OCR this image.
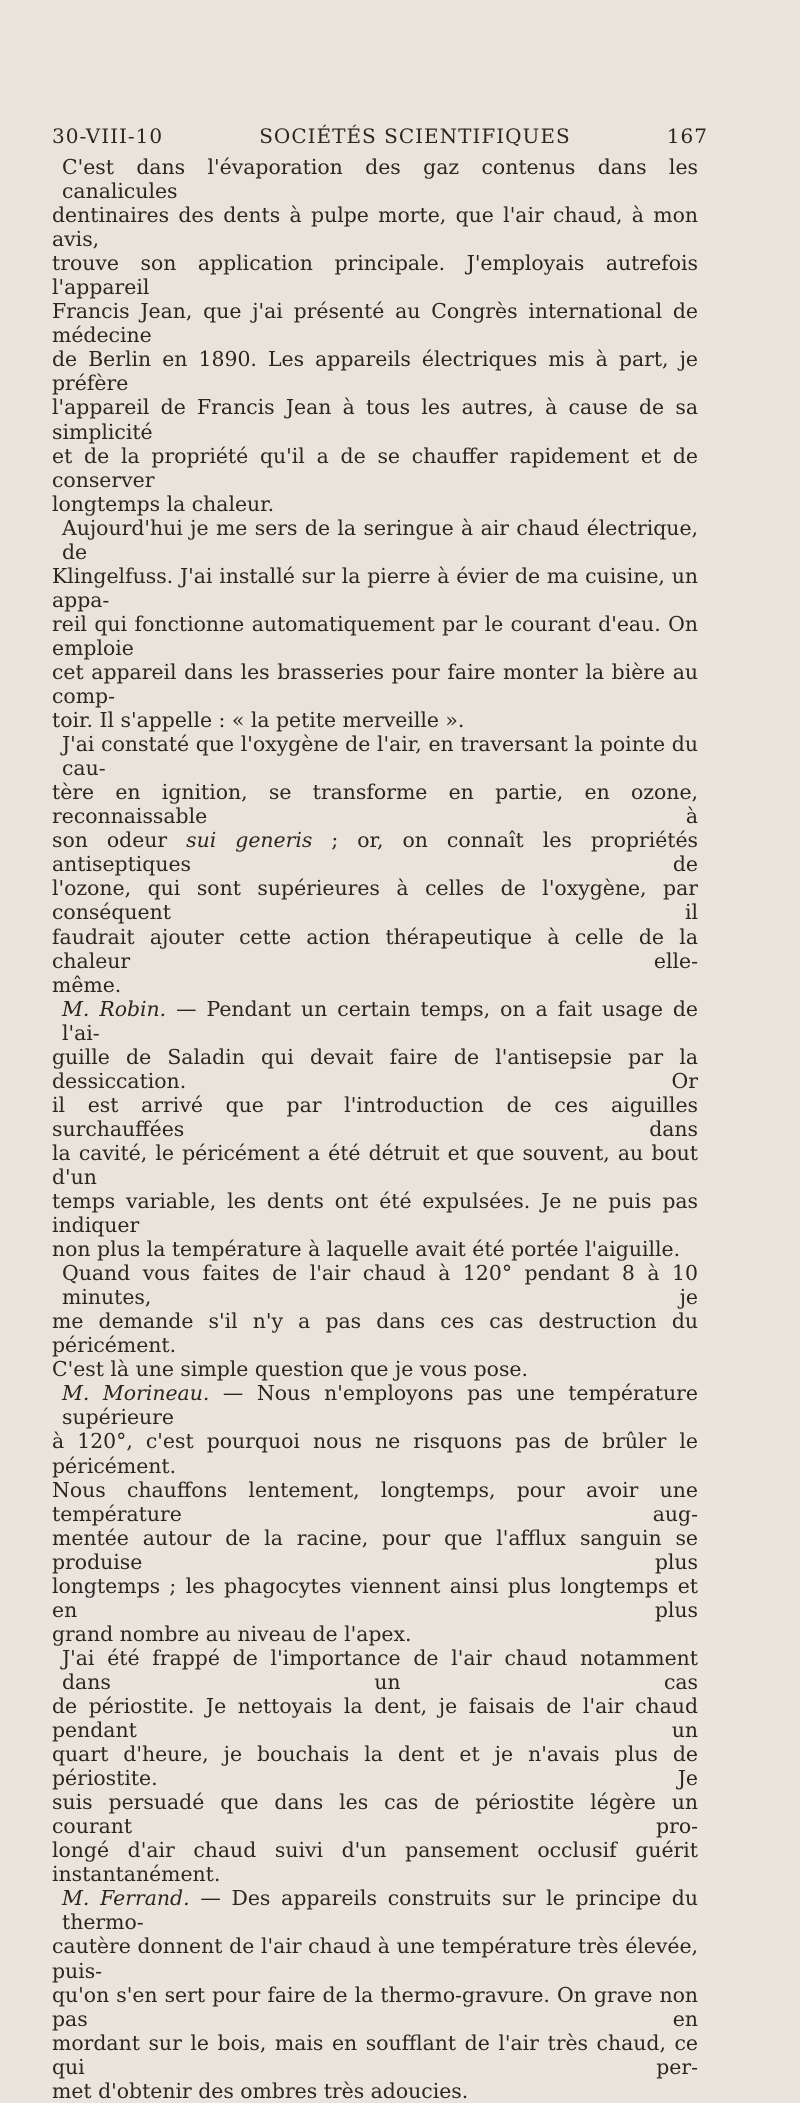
30-VIII-10	SOCIÉTÉS SCIENTIFIQUES	167

C'est dans l'évaporation des gaz contenus dans les canalicules

dentinaires des dents à pulpe morte, que l'air chaud, à mon avis,

trouve son application principale. J'employais autrefois l'appareil

Francis Jean, que j'ai présenté au Congrès international de médecine

de Berlin en 1890. Les appareils électriques mis à part, je préfère

l'appareil de Francis Jean à tous les autres, à cause de sa simplicité

et de la propriété qu'il a de se chauffer rapidement et de conserver

longtemps la chaleur.

Aujourd'hui je me sers de la seringue à air chaud électrique, de

Klingelfuss. J'ai installé sur la pierre à évier de ma cuisine, un appa-

reil qui fonctionne automatiquement par le courant d'eau. On emploie

cet appareil dans les brasseries pour faire monter la bière au comp-

toir. Il s'appelle : « la petite merveille ».

J'ai constaté que l'oxygène de l'air, en traversant la pointe du cau-

tère en ignition, se transforme en partie, en ozone, reconnaissable à

son odeur sui generis ; or, on connaît les propriétés antiseptiques de

l'ozone, qui sont supérieures à celles de l'oxygène, par conséquent il

faudrait ajouter cette action thérapeutique à celle de la chaleur elle-

même.

M. Robin. — Pendant un certain temps, on a fait usage de l'ai-

guille de Saladin qui devait faire de l'antisepsie par la dessiccation. Or

il est arrivé que par l'introduction de ces aiguilles surchauffées dans

la cavité, le péricément a été détruit et que souvent, au bout d'un

temps variable, les dents ont été expulsées. Je ne puis pas indiquer

non plus la température à laquelle avait été portée l'aiguille.

Quand vous faites de l'air chaud à 120° pendant 8 à 10 minutes, je

me demande s'il n'y a pas dans ces cas destruction du péricément.

C'est là une simple question que je vous pose.

M. Morineau. — Nous n'employons pas une température supérieure

à 120°, c'est pourquoi nous ne risquons pas de brûler le péricément.

Nous chauffons lentement, longtemps, pour avoir une température aug-

mentée autour de la racine, pour que l'afflux sanguin se produise plus

longtemps ; les phagocytes viennent ainsi plus longtemps et en plus

grand nombre au niveau de l'apex.

J'ai été frappé de l'importance de l'air chaud notamment dans un cas

de périostite. Je nettoyais la dent, je faisais de l'air chaud pendant un

quart d'heure, je bouchais la dent et je n'avais plus de périostite. Je

suis persuadé que dans les cas de périostite légère un courant pro-

longé d'air chaud suivi d'un pansement occlusif guérit instantanément.

M. Ferrand. — Des appareils construits sur le principe du thermo-

cautère donnent de l'air chaud à une température très élevée, puis-

qu'on s'en sert pour faire de la thermo-gravure. On grave non pas en

mordant sur le bois, mais en soufflant de l'air très chaud, ce qui per-

met d'obtenir des ombres très adoucies.
